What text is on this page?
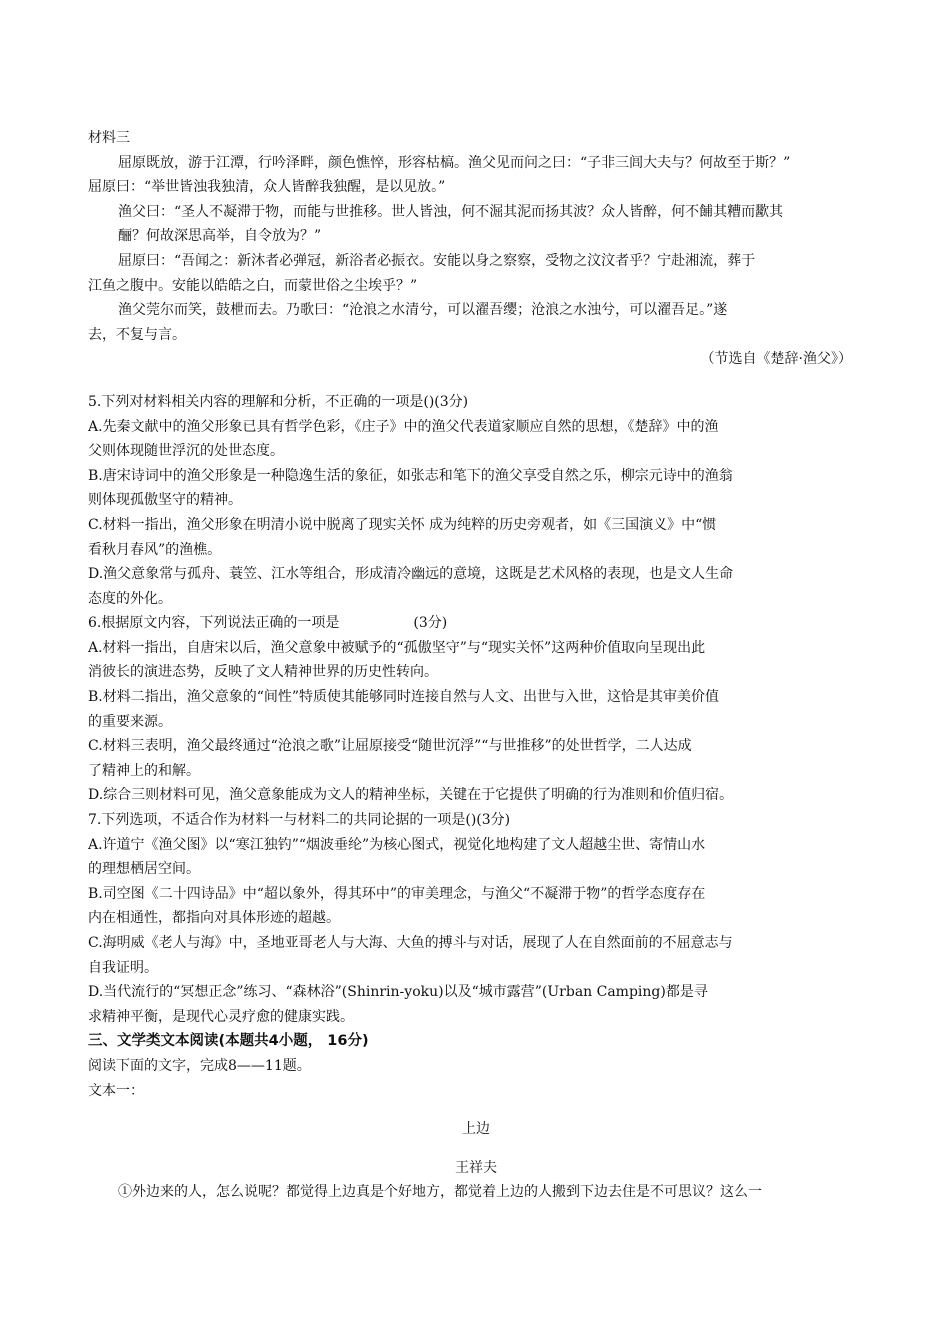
材料三
屈原既放，游于江潭，行吟泽畔，颜色憔悴，形容枯槁。渔父见而问之曰：“子非三闾大夫与？何故至于斯？”
屈原曰：“举世皆浊我独清，众人皆醉我独醒，是以见放。”
渔父曰：“圣人不凝滞于物，而能与世推移。世人皆浊，何不淈其泥而扬其波？众人皆醉，何不餔其糟而歠其
酾？何故深思高举，自令放为？”
屈原曰：“吾闻之：新沐者必弹冠，新浴者必振衣。安能以身之察察，受物之汶汶者乎？宁赴湘流，葬于
江鱼之腹中。安能以皓皓之白，而蒙世俗之尘埃乎？”
渔父莞尔而笑，鼓枻而去。乃歌曰：“沧浪之水清兮，可以濯吾缨；沧浪之水浊兮，可以濯吾足。”遂
去，不复与言。
（节选自《楚辞·渔父》）
5.下列对材料相关内容的理解和分析，不正确的一项是()(3分)
A.先秦文献中的渔父形象已具有哲学色彩，《庄子》中的渔父代表道家顺应自然的思想，《楚辞》中的渔
父则体现随世浮沉的处世态度。
B.唐宋诗词中的渔父形象是一种隐逸生活的象征，如张志和笔下的渔父享受自然之乐，柳宗元诗中的渔翁
则体现孤傲坚守的精神。
C.材料一指出，渔父形象在明清小说中脱离了现实关怀 成为纯粹的历史旁观者，如《三国演义》中“惯
看秋月春风”的渔樵。
D.渔父意象常与孤舟、蓑笠、江水等组合，形成清冷幽远的意境，这既是艺术风格的表现，也是文人生命
态度的外化。
6.根据原文内容，下列说法正确的一项是	(3分)
A.材料一指出，自唐宋以后，渔父意象中被赋予的“孤傲坚守”与“现实关怀”这两种价值取向呈现出此
消彼长的演进态势，反映了文人精神世界的历史性转向。
B.材料二指出，渔父意象的“间性”特质使其能够同时连接自然与人文、出世与入世，这恰是其审美价值
的重要来源。
C.材料三表明，渔父最终通过“沧浪之歌”让屈原接受“随世沉浮”“与世推移”的处世哲学，二人达成
了精神上的和解。
D.综合三则材料可见，渔父意象能成为文人的精神坐标，关键在于它提供了明确的行为准则和价值归宿。
7.下列选项，不适合作为材料一与材料二的共同论据的一项是()(3分)
A.许道宁《渔父图》以“寒江独钓”“烟波垂纶”为核心图式，视觉化地构建了文人超越尘世、寄情山水
的理想栖居空间。
B.司空图《二十四诗品》中“超以象外，得其环中”的审美理念，与渔父“不凝滞于物”的哲学态度存在
内在相通性，都指向对具体形迹的超越。
C.海明威《老人与海》中，圣地亚哥老人与大海、大鱼的搏斗与对话，展现了人在自然面前的不屈意志与
自我证明。
D.当代流行的“冥想正念”练习、“森林浴”(Shinrin-yoku)以及“城市露营”(Urban Camping)都是寻
求精神平衡，是现代心灵疗愈的健康实践。
三、文学类文本阅读(本题共4小题， 16分)
阅读下面的文字，完成8——11题。
文本一：
上边
王祥夫
①外边来的人，怎么说呢？都觉得上边真是个好地方，都觉着上边的人搬到下边去住是不可思议？这么一
